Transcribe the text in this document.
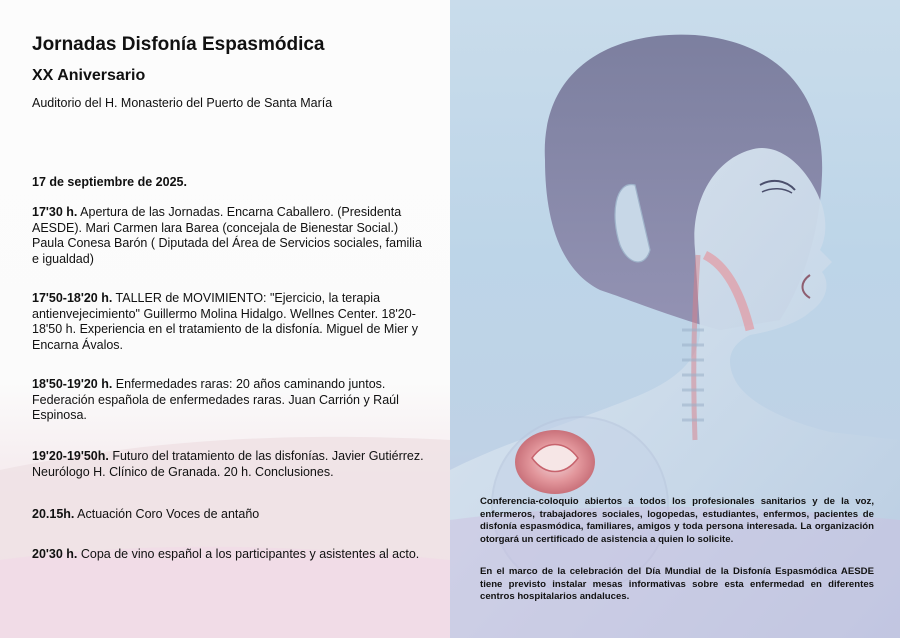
Jornadas Disfonía Espasmódica
XX Aniversario
Auditorio del H. Monasterio del Puerto de Santa María
17 de septiembre de 2025.
17'30 h. Apertura de las Jornadas. Encarna Caballero. (Presidenta AESDE). Mari Carmen lara Barea (concejala de Bienestar Social.) Paula Conesa Barón ( Diputada del Área de Servicios sociales, familia e igualdad)
17'50-18'20 h. TALLER de MOVIMIENTO: "Ejercicio, la terapia antienvejecimiento" Guillermo Molina Hidalgo. Wellnes Center. 18'20-18'50 h. Experiencia en el tratamiento de la disfonía. Miguel de Mier y Encarna Ávalos.
18'50-19'20 h. Enfermedades raras: 20 años caminando juntos. Federación española de enfermedades raras. Juan Carrión y Raúl Espinosa.
19'20-19'50h. Futuro del tratamiento de las disfonías. Javier Gutiérrez. Neurólogo H. Clínico de Granada. 20 h. Conclusiones.
20.15h. Actuación Coro Voces de antaño
20'30 h. Copa de vino español a los participantes y asistentes al acto.
Conferencia-coloquio abiertos a todos los profesionales sanitarios y de la voz, enfermeros, trabajadores sociales, logopedas, estudiantes, enfermos, pacientes de disfonía espasmódica, familiares, amigos y toda persona interesada. La organización otorgará un certificado de asistencia a quien lo solicite.
En el marco de la celebración del Día Mundial de la Disfonía Espasmódica AESDE tiene previsto instalar mesas informativas sobre esta enfermedad en diferentes centros hospitalarios andaluces.
